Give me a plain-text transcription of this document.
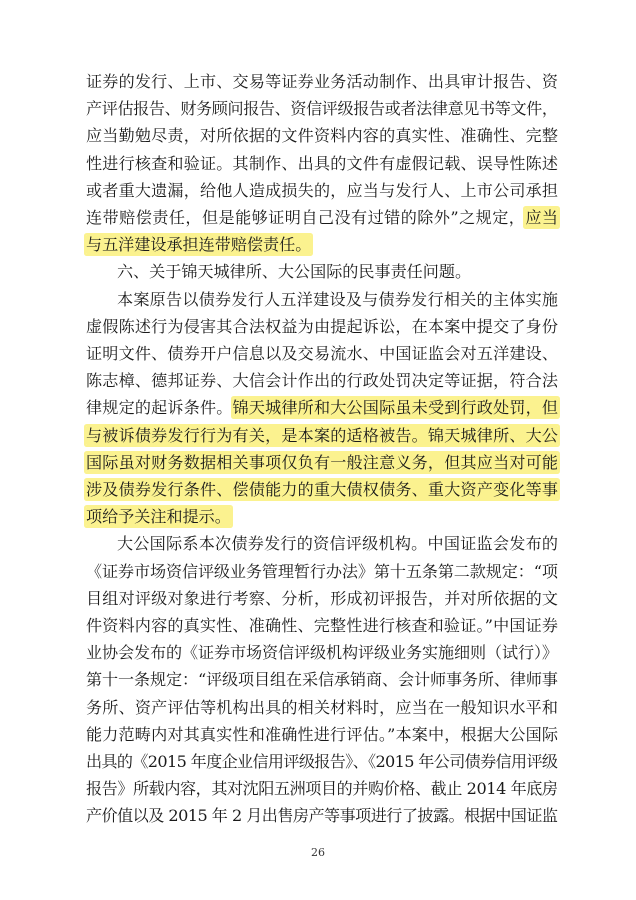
证券的发行、上市、交易等证券业务活动制作、出具审计报告、资
产评估报告、财务顾问报告、资信评级报告或者法律意见书等文件，
应当勤勉尽责，对所依据的文件资料内容的真实性、准确性、完整
性进行核查和验证。其制作、出具的文件有虚假记载、误导性陈述
或者重大遗漏，给他人造成损失的，应当与发行人、上市公司承担
连带赔偿责任，但是能够证明自己没有过错的除外”之规定，应当
与五洋建设承担连带赔偿责任。
六、关于锦天城律所、大公国际的民事责任问题。
本案原告以债券发行人五洋建设及与债券发行相关的主体实施
虚假陈述行为侵害其合法权益为由提起诉讼，在本案中提交了身份
证明文件、债券开户信息以及交易流水、中国证监会对五洋建设、
陈志樟、德邦证券、大信会计作出的行政处罚决定等证据，符合法
律规定的起诉条件。锦天城律所和大公国际虽未受到行政处罚，但
与被诉债券发行行为有关，是本案的适格被告。锦天城律所、大公
国际虽对财务数据相关事项仅负有一般注意义务，但其应当对可能
涉及债券发行条件、偿债能力的重大债权债务、重大资产变化等事
项给予关注和提示。
大公国际系本次债券发行的资信评级机构。中国证监会发布的
《证券市场资信评级业务管理暂行办法》第十五条第二款规定：“项
目组对评级对象进行考察、分析，形成初评报告，并对所依据的文
件资料内容的真实性、准确性、完整性进行核查和验证。”中国证券
业协会发布的《证券市场资信评级机构评级业务实施细则（试行）》
第十一条规定：“评级项目组在采信承销商、会计师事务所、律师事
务所、资产评估等机构出具的相关材料时，应当在一般知识水平和
能力范畴内对其真实性和准确性进行评估。”本案中，根据大公国际
出具的《2015 年度企业信用评级报告》、《2015 年公司债券信用评级
报告》所载内容，其对沈阳五洲项目的并购价格、截止 2014 年底房
产价值以及 2015 年 2 月出售房产等事项进行了披露。根据中国证监
26
